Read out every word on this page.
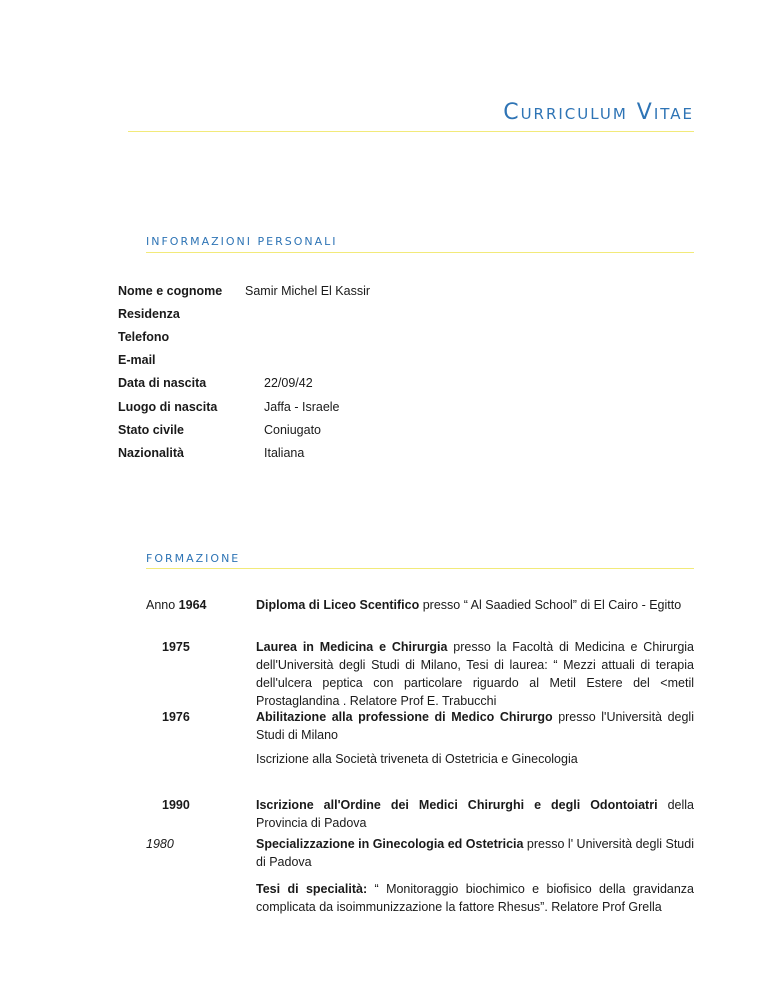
Curriculum Vitae
INFORMAZIONI PERSONALI
Nome e cognome Samir Michel El Kassir
Residenza
Telefono
E-mail
Data di nascita	22/09/42
Luogo di nascita	Jaffa - Israele
Stato civile	Coniugato
Nazionalità	Italiana
FORMAZIONE
Anno 1964	Diploma di Liceo Scentifico presso “ Al Saadied School” di El Cairo - Egitto
1975	Laurea in Medicina e Chirurgia presso la Facoltà di Medicina e Chirurgia dell'Università degli Studi di Milano, Tesi di laurea: “ Mezzi attuali di terapia dell'ulcera peptica con particolare riguardo al Metil Estere del <metil Prostaglandina . Relatore Prof E. Trabucchi
1976	Abilitazione alla professione di Medico Chirurgo presso l'Università degli Studi di Milano
Iscrizione alla Società triveneta di Ostetricia e Ginecologia
1990	Iscrizione all'Ordine dei Medici Chirurghi e degli Odontoiatri della Provincia di Padova
1980	Specializzazione in Ginecologia ed Ostetricia presso l' Università degli Studi di Padova
Tesi di specialità: “ Monitoraggio biochimico e biofisico della gravidanza complicata da isoimmunizzazione la fattore Rhesus”. Relatore Prof Grella
